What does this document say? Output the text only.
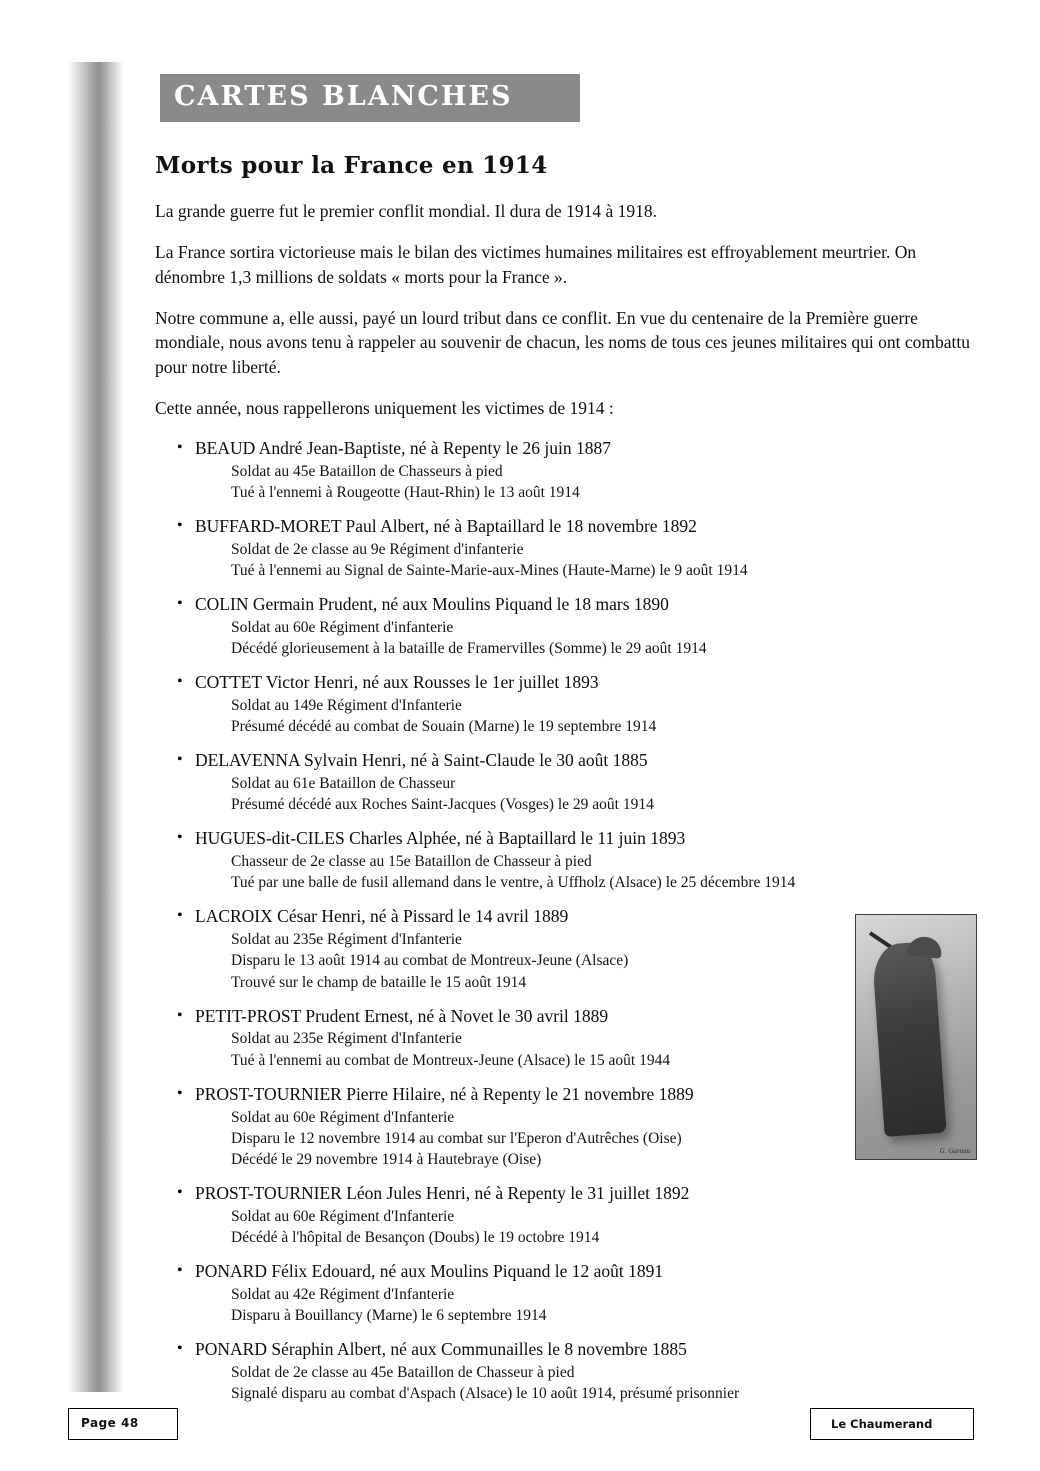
CARTES BLANCHES
Morts pour la France en 1914

La grande guerre fut le premier conflit mondial. Il dura de 1914 à 1918.

La France sortira victorieuse mais le bilan des victimes humaines militaires est effroyablement meurtrier. On dénombre 1,3 millions de soldats « morts pour la France ».

Notre commune a, elle aussi, payé un lourd tribut dans ce conflit. En vue du centenaire de la Première guerre mondiale, nous avons tenu à rappeler au souvenir de chacun, les noms de tous ces jeunes militaires qui ont combattu pour notre liberté.

Cette année, nous rappellerons uniquement les victimes de 1914 :

• BEAUD André Jean-Baptiste, né à Repenty le 26 juin 1887
Soldat au 45e Bataillon de Chasseurs à pied
Tué à l'ennemi à Rougeotte (Haut-Rhin) le 13 août 1914
• BUFFARD-MORET Paul Albert, né à Baptaillard le 18 novembre 1892
Soldat de 2e classe au 9e Régiment d'infanterie
Tué à l'ennemi au Signal de Sainte-Marie-aux-Mines (Haute-Marne) le 9 août 1914
• COLIN Germain Prudent, né aux Moulins Piquand le 18 mars 1890
Soldat au 60e Régiment d'infanterie
Décédé glorieusement à la bataille de Framervilles (Somme) le 29 août 1914
• COTTET Victor Henri, né aux Rousses le 1er juillet 1893
Soldat au 149e Régiment d'Infanterie
Présumé décédé au combat de Souain (Marne) le 19 septembre 1914
• DELAVENNA Sylvain Henri, né à Saint-Claude le 30 août 1885
Soldat au 61e Bataillon de Chasseur
Présumé décédé aux Roches Saint-Jacques (Vosges) le 29 août 1914
• HUGUES-dit-CILES Charles Alphée, né à Baptaillard le 11 juin 1893
Chasseur de 2e classe au 15e Bataillon de Chasseur à pied
Tué par une balle de fusil allemand dans le ventre, à Uffholz (Alsace) le 25 décembre 1914
• LACROIX César Henri, né à Pissard le 14 avril 1889
Soldat au 235e Régiment d'Infanterie
Disparu le 13 août 1914 au combat de Montreux-Jeune (Alsace)
Trouvé sur le champ de bataille le 15 août 1914
• PETIT-PROST Prudent Ernest, né à Novet le 30 avril 1889
Soldat au 235e Régiment d'Infanterie
Tué à l'ennemi au combat de Montreux-Jeune (Alsace) le 15 août 1944
• PROST-TOURNIER Pierre Hilaire, né à Repenty le 21 novembre 1889
Soldat au 60e Régiment d'Infanterie
Disparu le 12 novembre 1914 au combat sur l'Eperon d'Autrêches (Oise)
Décédé le 29 novembre 1914 à Hautebraye (Oise)
• PROST-TOURNIER Léon Jules Henri, né à Repenty le 31 juillet 1892
Soldat au 60e Régiment d'Infanterie
Décédé à l'hôpital de Besançon (Doubs) le 19 octobre 1914
• PONARD Félix Edouard, né aux Moulins Piquand le 12 août 1891
Soldat au 42e Régiment d'Infanterie
Disparu à Bouillancy (Marne) le 6 septembre 1914
• PONARD Séraphin Albert, né aux Communailles le 8 novembre 1885
Soldat de 2e classe au 45e Bataillon de Chasseur à pied
Signalé disparu au combat d'Aspach (Alsace) le 10 août 1914, présumé prisonnier
G. Gaveau
Page 48	Le Chaumerand
